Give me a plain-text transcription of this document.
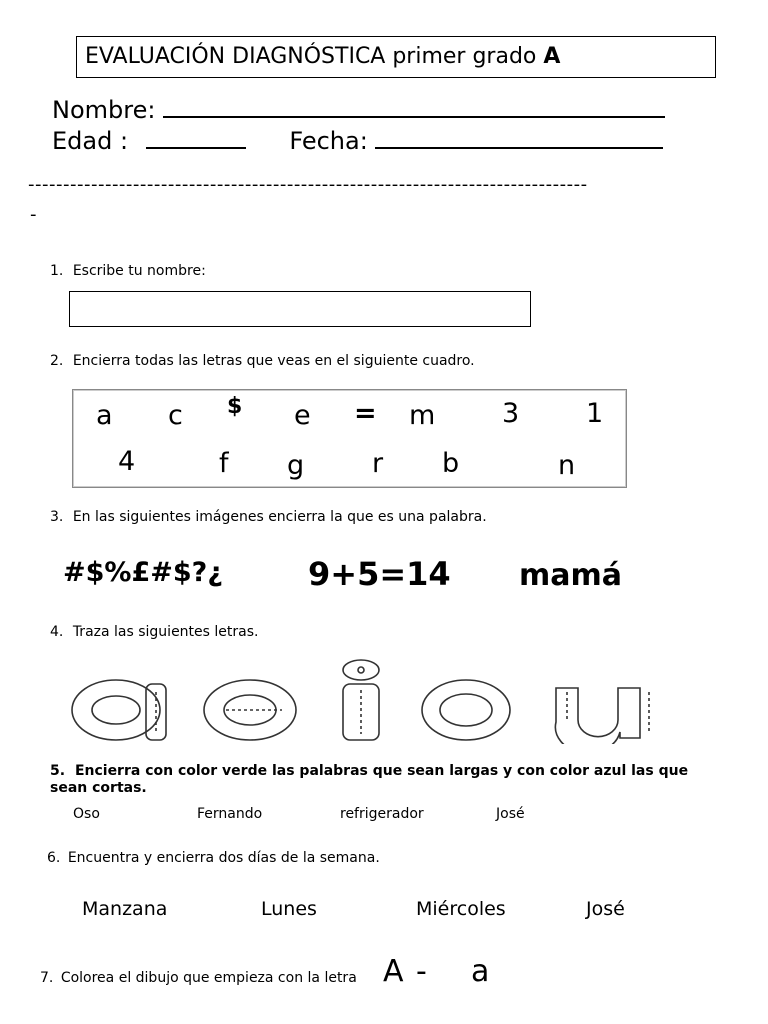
EVALUACIÓN DIAGNÓSTICA primer grado A
Nombre:
Edad :	Fecha:
--------------------------------------------------------------------------------
-
1. Escribe tu nombre:
2. Encierra todas las letras que veas en el siguiente cuadro.
a c $ e = m 3 1
4	f g	r b	n
3. En las siguientes imágenes encierra la que es una palabra.
#$%£#$?¿	9+5=14 mamá
4. Traza las siguientes letras.
5. Encierra con color verde las palabras que sean largas y con color azul las que sean cortas.
Oso	Fernando	refrigerador	José
6. Encuentra y encierra dos días de la semana.
Manzana	Lunes	Miércoles	José
7. Colorea el dibujo que empieza con la letra A - a
